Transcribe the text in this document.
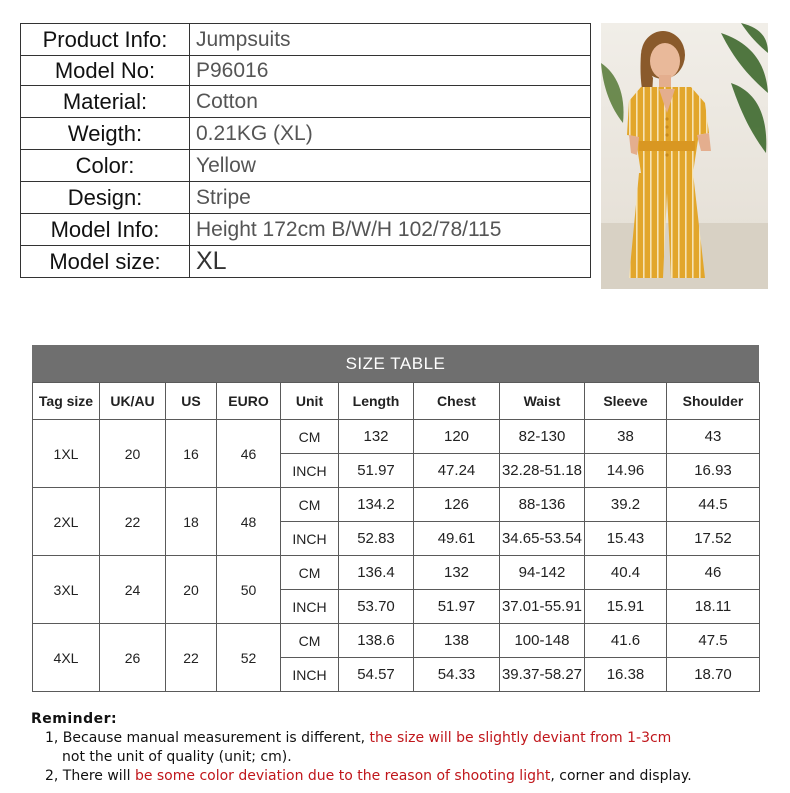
Product Info:	Jumpsuits
Model No:	P96016
Material:	Cotton
Weigth:	0.21KG (XL)
Color:	Yellow
Design:	Stripe
Model Info:	Height 172cm B/W/H 102/78/115
Model size:	XL
SIZE TABLE
Tag size	UK/AU	US	EURO	Unit	Length	Chest	Waist	Sleeve	Shoulder
1XL	20	16	46	CM	132	120	82-130	38	43
				INCH	51.97	47.24	32.28-51.18	14.96	16.93
2XL	22	18	48	CM	134.2	126	88-136	39.2	44.5
				INCH	52.83	49.61	34.65-53.54	15.43	17.52
3XL	24	20	50	CM	136.4	132	94-142	40.4	46
				INCH	53.70	51.97	37.01-55.91	15.91	18.11
4XL	26	22	52	CM	138.6	138	100-148	41.6	47.5
				INCH	54.57	54.33	39.37-58.27	16.38	18.70
Reminder:
1, Because manual measurement is different, the size will be slightly deviant from 1-3cm
not the unit of quality (unit; cm).
2, There will be some color deviation due to the reason of shooting light, corner and display.
